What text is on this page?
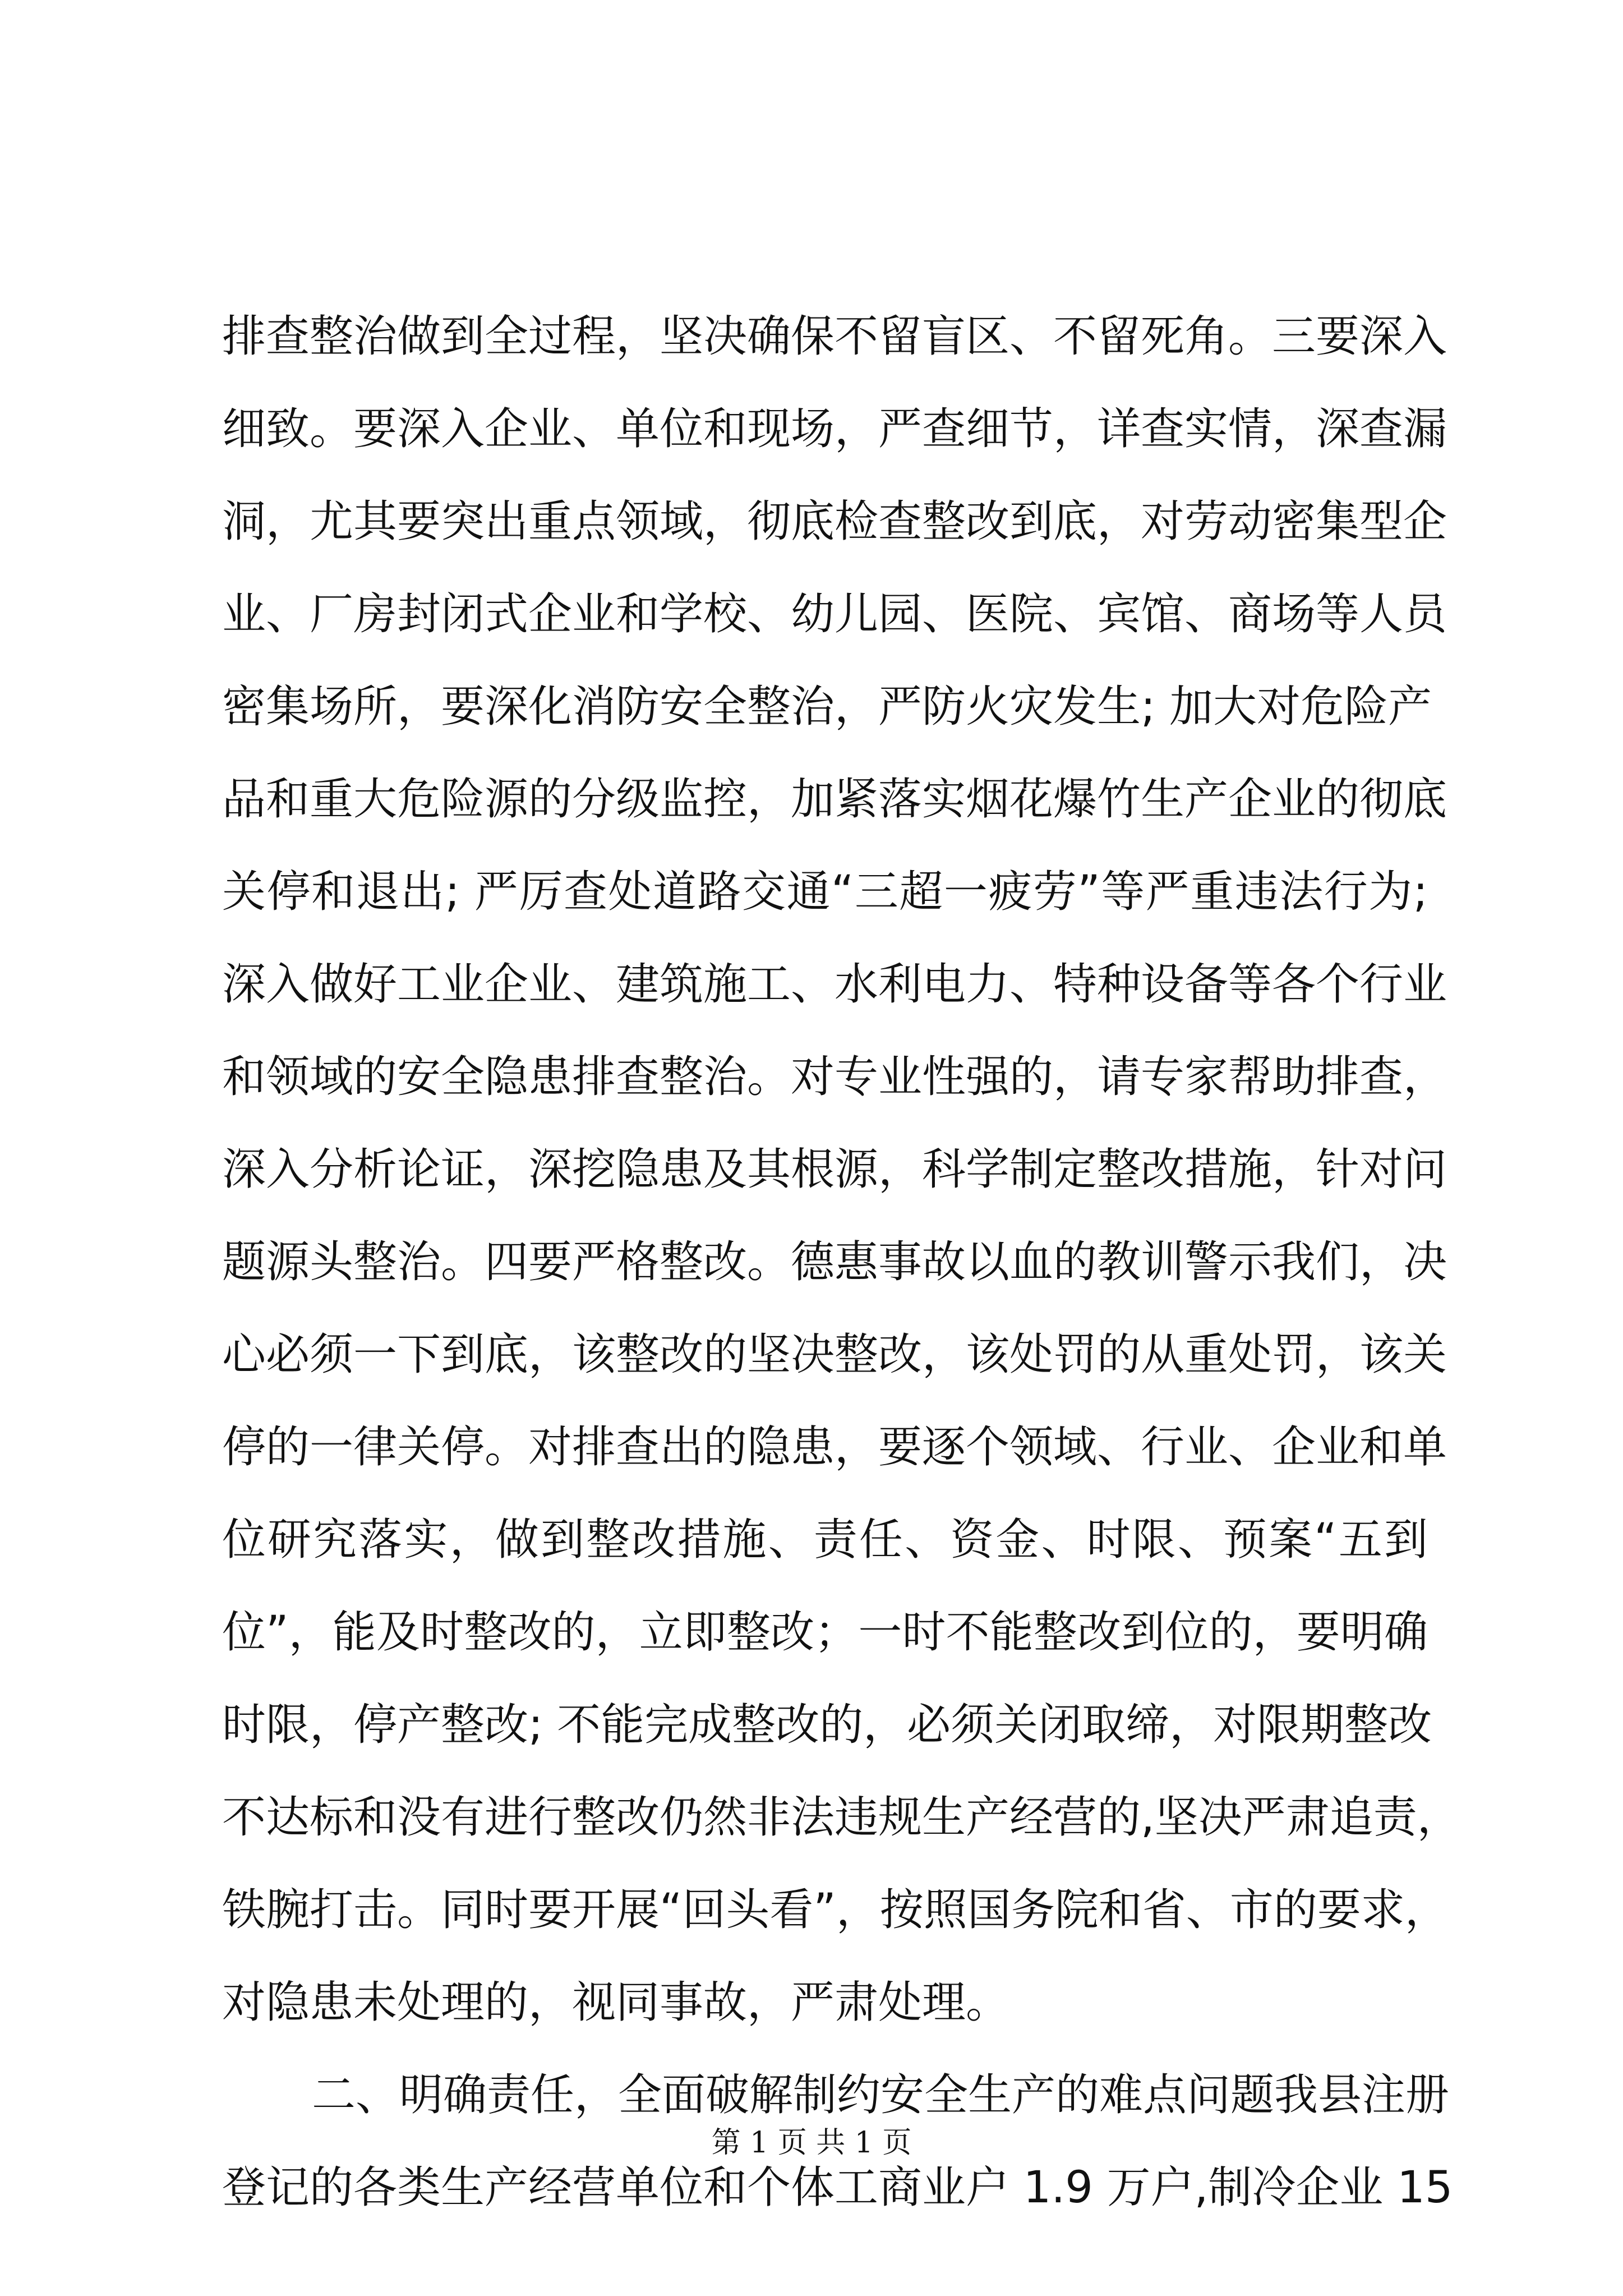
排查整治做到全过程，坚决确保不留盲区、不留死角。三要深入
细致。要深入企业、单位和现场，严查细节，详查实情，深查漏
洞，尤其要突出重点领域，彻底检查整改到底，对劳动密集型企
业、厂房封闭式企业和学校、幼儿园、医院、宾馆、商场等人员
密集场所，要深化消防安全整治，严防火灾发生; 加大对危险产
品和重大危险源的分级监控，加紧落实烟花爆竹生产企业的彻底
关停和退出; 严厉查处道路交通“三超一疲劳”等严重违法行为;
深入做好工业企业、建筑施工、水利电力、特种设备等各个行业
和领域的安全隐患排查整治。对专业性强的，请专家帮助排查，
深入分析论证，深挖隐患及其根源，科学制定整改措施，针对问
题源头整治。四要严格整改。德惠事故以血的教训警示我们，决
心必须一下到底，该整改的坚决整改，该处罚的从重处罚，该关
停的一律关停。对排查出的隐患，要逐个领域、行业、企业和单
位研究落实，做到整改措施、责任、资金、时限、预案“五到
位”，能及时整改的，立即整改；一时不能整改到位的，要明确
时限，停产整改; 不能完成整改的，必须关闭取缔，对限期整改
不达标和没有进行整改仍然非法违规生产经营的,坚决严肃追责，
铁腕打击。同时要开展“回头看”，按照国务院和省、市的要求，
对隐患未处理的，视同事故，严肃处理。
二、明确责任，全面破解制约安全生产的难点问题我县注册
登记的各类生产经营单位和个体工商业户 1.9 万户,制冷企业 15
第 1 页 共 1 页
